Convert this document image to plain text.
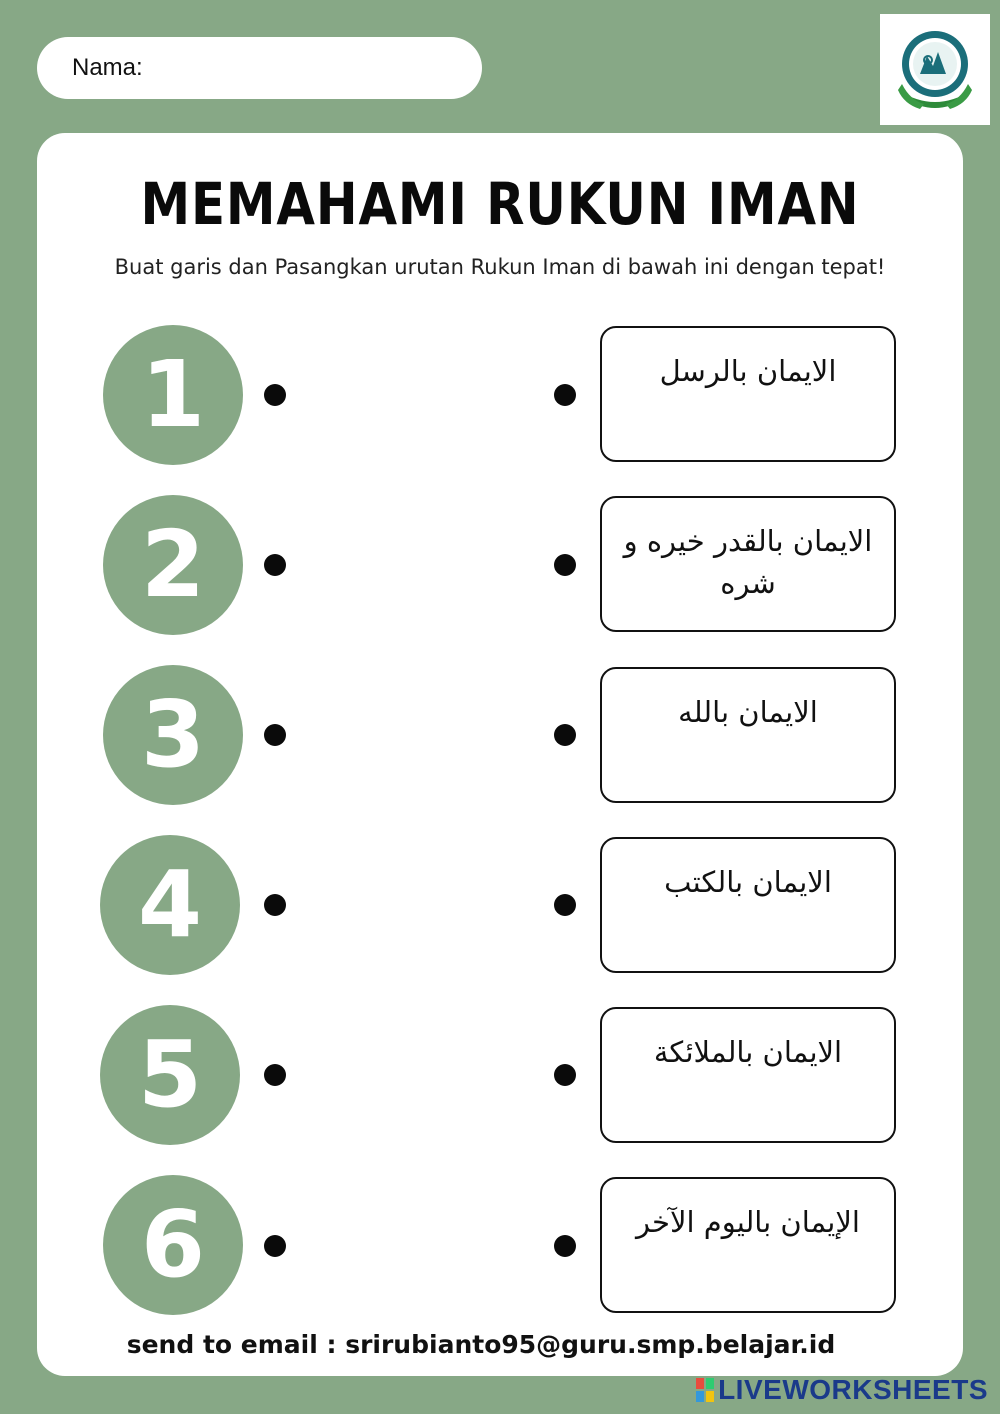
Nama:
MEMAHAMI RUKUN IMAN
Buat garis dan Pasangkan urutan Rukun Iman di bawah ini dengan tepat!
1	الايمان بالرسل
2	الايمان بالقدر خيره و شره
3	الايمان بالله
4	الايمان بالكتب
5	الايمان بالملائكة
6	الإيمان باليوم الآخر
send to email : srirubianto95@guru.smp.belajar.id
LIVEWORKSHEETS
